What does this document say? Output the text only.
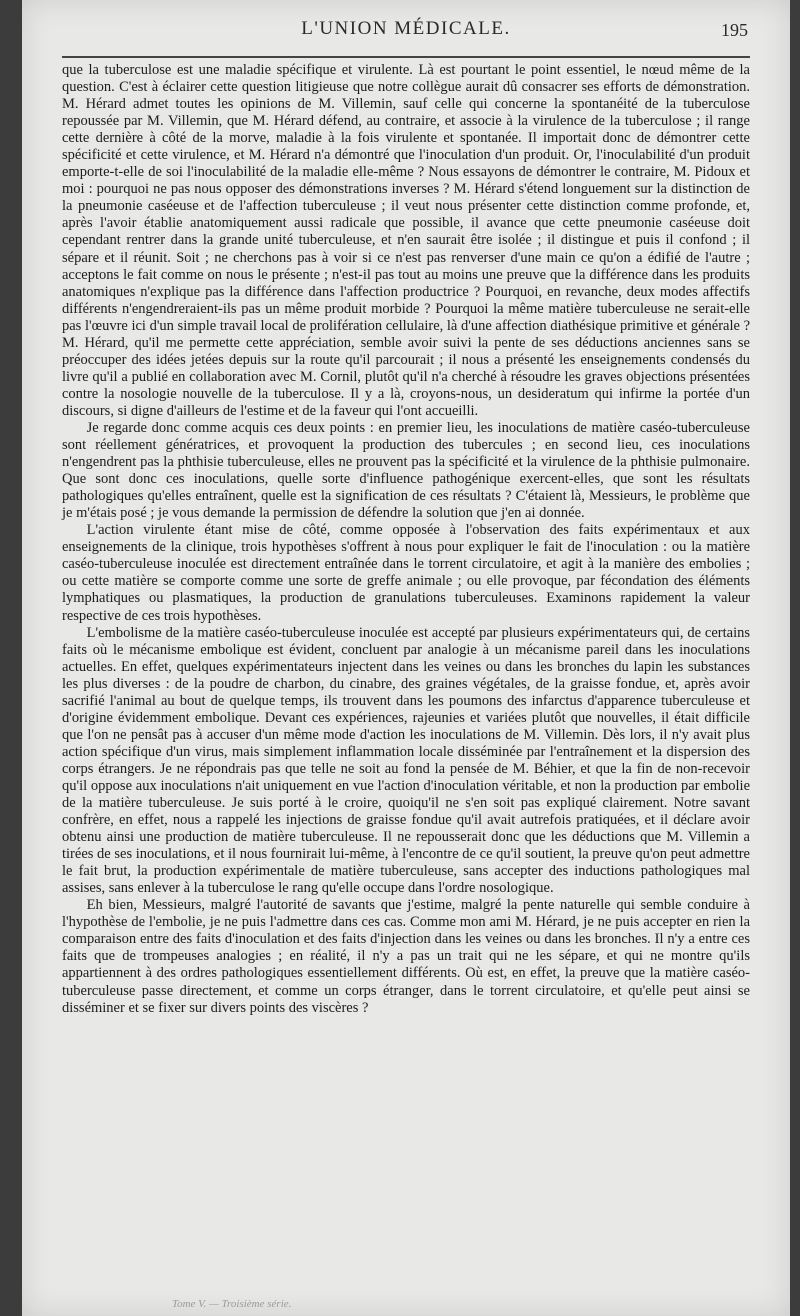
L'UNION MÉDICALE.	195

que la tuberculose est une maladie spécifique et virulente. Là est pourtant le point essentiel, le nœud même de la question. C'est à éclairer cette question litigieuse que notre collègue aurait dû consacrer ses efforts de démonstration. M. Hérard admet toutes les opinions de M. Villemin, sauf celle qui concerne la spontanéité de la tuberculose repoussée par M. Villemin, que M. Hérard défend, au contraire, et associe à la virulence de la tuberculose ; il range cette dernière à côté de la morve, maladie à la fois virulente et spontanée. Il importait donc de démontrer cette spécificité et cette virulence, et M. Hérard n'a démontré que l'inoculation d'un produit. Or, l'inoculabilité d'un produit emporte-t-elle de soi l'inoculabilité de la maladie elle-même ? Nous essayons de démontrer le contraire, M. Pidoux et moi : pourquoi ne pas nous opposer des démonstrations inverses ? M. Hérard s'étend longuement sur la distinction de la pneumonie caséeuse et de l'affection tuberculeuse ; il veut nous présenter cette distinction comme profonde, et, après l'avoir établie anatomiquement aussi radicale que possible, il avance que cette pneumonie caséeuse doit cependant rentrer dans la grande unité tuberculeuse, et n'en saurait être isolée ; il distingue et puis il confond ; il sépare et il réunit. Soit ; ne cherchons pas à voir si ce n'est pas renverser d'une main ce qu'on a édifié de l'autre ; acceptons le fait comme on nous le présente ; n'est-il pas tout au moins une preuve que la différence dans les produits anatomiques n'explique pas la différence dans l'affection productrice ? Pourquoi, en revanche, deux modes affectifs différents n'engendreraient-ils pas un même produit morbide ? Pourquoi la même matière tuberculeuse ne serait-elle pas l'œuvre ici d'un simple travail local de prolifération cellulaire, là d'une affection diathésique primitive et générale ? M. Hérard, qu'il me permette cette appréciation, semble avoir suivi la pente de ses déductions anciennes sans se préoccuper des idées jetées depuis sur la route qu'il parcourait ; il nous a présenté les enseignements condensés du livre qu'il a publié en collaboration avec M. Cornil, plutôt qu'il n'a cherché à résoudre les graves objections présentées contre la nosologie nouvelle de la tuberculose. Il y a là, croyons-nous, un desideratum qui infirme la portée d'un discours, si digne d'ailleurs de l'estime et de la faveur qui l'ont accueilli.

Je regarde donc comme acquis ces deux points : en premier lieu, les inoculations de matière caséo-tuberculeuse sont réellement génératrices, et provoquent la production des tubercules ; en second lieu, ces inoculations n'engendrent pas la phthisie tuberculeuse, elles ne prouvent pas la spécificité et la virulence de la phthisie pulmonaire. Que sont donc ces inoculations, quelle sorte d'influence pathogénique exercent-elles, que sont les résultats pathologiques qu'elles entraînent, quelle est la signification de ces résultats ? C'étaient là, Messieurs, le problème que je m'étais posé ; je vous demande la permission de défendre la solution que j'en ai donnée.

L'action virulente étant mise de côté, comme opposée à l'observation des faits expérimentaux et aux enseignements de la clinique, trois hypothèses s'offrent à nous pour expliquer le fait de l'inoculation : ou la matière caséo-tuberculeuse inoculée est directement entraînée dans le torrent circulatoire, et agit à la manière des embolies ; ou cette matière se comporte comme une sorte de greffe animale ; ou elle provoque, par fécondation des éléments lymphatiques ou plasmatiques, la production de granulations tuberculeuses. Examinons rapidement la valeur respective de ces trois hypothèses.

L'embolisme de la matière caséo-tuberculeuse inoculée est accepté par plusieurs expérimentateurs qui, de certains faits où le mécanisme embolique est évident, concluent par analogie à un mécanisme pareil dans les inoculations actuelles. En effet, quelques expérimentateurs injectent dans les veines ou dans les bronches du lapin les substances les plus diverses : de la poudre de charbon, du cinabre, des graines végétales, de la graisse fondue, et, après avoir sacrifié l'animal au bout de quelque temps, ils trouvent dans les poumons des infarctus d'apparence tuberculeuse et d'origine évidemment embolique. Devant ces expériences, rajeunies et variées plutôt que nouvelles, il était difficile que l'on ne pensât pas à accuser d'un même mode d'action les inoculations de M. Villemin. Dès lors, il n'y avait plus action spécifique d'un virus, mais simplement inflammation locale disséminée par l'entraînement et la dispersion des corps étrangers. Je ne répondrais pas que telle ne soit au fond la pensée de M. Béhier, et que la fin de non-recevoir qu'il oppose aux inoculations n'ait uniquement en vue l'action d'inoculation véritable, et non la production par embolie de la matière tuberculeuse. Je suis porté à le croire, quoiqu'il ne s'en soit pas expliqué clairement. Notre savant confrère, en effet, nous a rappelé les injections de graisse fondue qu'il avait autrefois pratiquées, et il déclare avoir obtenu ainsi une production de matière tuberculeuse. Il ne repousserait donc que les déductions que M. Villemin a tirées de ses inoculations, et il nous fournirait lui-même, à l'encontre de ce qu'il soutient, la preuve qu'on peut admettre le fait brut, la production expérimentale de matière tuberculeuse, sans accepter des inductions pathologiques mal assises, sans enlever à la tuberculose le rang qu'elle occupe dans l'ordre nosologique.

Eh bien, Messieurs, malgré l'autorité de savants que j'estime, malgré la pente naturelle qui semble conduire à l'hypothèse de l'embolie, je ne puis l'admettre dans ces cas. Comme mon ami M. Hérard, je ne puis accepter en rien la comparaison entre des faits d'inoculation et des faits d'injection dans les veines ou dans les bronches. Il n'y a entre ces faits que de trompeuses analogies ; en réalité, il n'y a pas un trait qui ne les sépare, et qui ne montre qu'ils appartiennent à des ordres pathologiques essentiellement différents. Où est, en effet, la preuve que la matière caséo-tuberculeuse passe directement, et comme un corps étranger, dans le torrent circulatoire, et qu'elle peut ainsi se disséminer et se fixer sur divers points des viscères ?

Tome V. — Troisième série.
